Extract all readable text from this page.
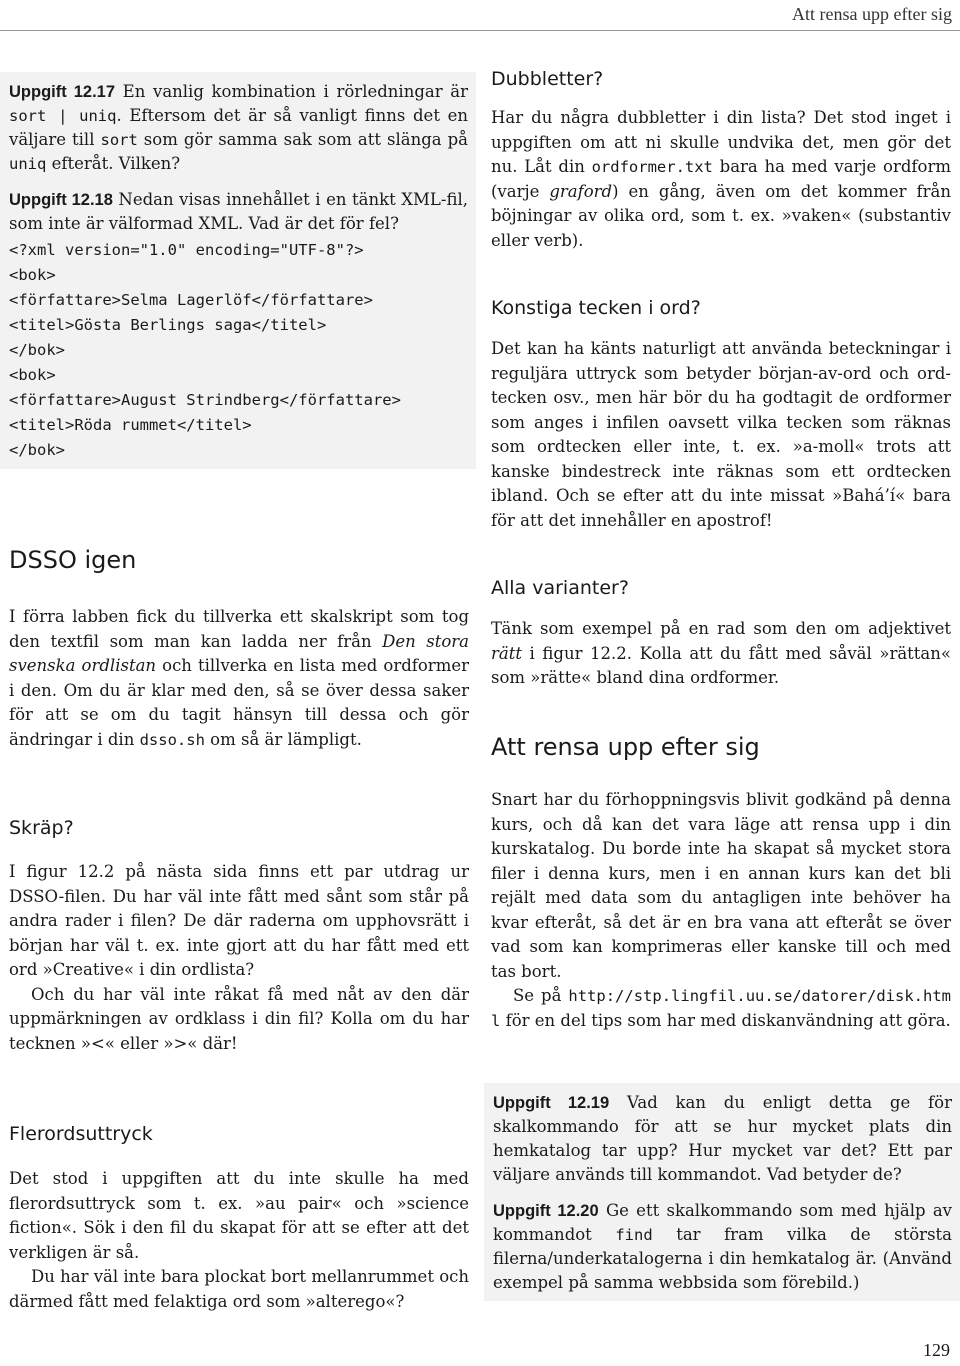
Att rensa upp efter sig

Uppgift 12.17 En vanlig kombination i rörledningar är sort | uniq. Eftersom det är så vanligt finns det en väljare till sort som gör samma sak som att slänga på uniq efteråt. Vilken?

Uppgift 12.18 Nedan visas innehållet i en tänkt XML-fil, som inte är välformad XML. Vad är det för fel?

<?xml version="1.0" encoding="UTF-8"?>
<bok>
<författare>Selma Lagerlöf</författare>
<titel>Gösta Berlings saga</titel>
</bok>
<bok>
<författare>August Strindberg</författare>
<titel>Röda rummet</titel>
</bok>
DSSO igen

I förra labben fick du tillverka ett skalskript som tog den textfil som man kan ladda ner från Den stora svenska ordlistan och tillverka en lista med ordformer i den. Om du är klar med den, så se över dessa saker för att se om du tagit hänsyn till dessa och gör ändringar i din dsso.sh om så är lämpligt.

Skräp?

I figur 12.2 på nästa sida finns ett par utdrag ur DSSO-filen. Du har väl inte fått med sånt som står på andra rader i filen? De där raderna om upphovsrätt i början har väl t. ex. inte gjort att du har fått med ett ord »Creative« i din ordlista?

Och du har väl inte råkat få med nåt av den där uppmärkningen av ordklass i din fil? Kolla om du har tecknen »<« eller »>« där!

Flerordsuttryck

Det stod i uppgiften att du inte skulle ha med flerordsuttryck som t. ex. »au pair« och »science fiction«. Sök i den fil du skapat för att se efter att det verkligen är så.

Du har väl inte bara plockat bort mellanrummet och därmed fått med felaktiga ord som »alterego«?

Dubbletter?

Har du några dubbletter i din lista? Det stod inget i uppgiften om att ni skulle undvika det, men gör det nu. Låt din ordformer.txt bara ha med varje ordform (varje graford) en gång, även om det kommer från böjningar av olika ord, som t. ex. »vaken« (substantiv eller verb).

Konstiga tecken i ord?

Det kan ha känts naturligt att använda beteckningar i reguljära uttryck som betyder början-av-ord och ord-tecken osv., men här bör du ha godtagit de ordformer som anges i infilen oavsett vilka tecken som räknas som ordtecken eller inte, t. ex. »a-moll« trots att kanske bindestreck inte räknas som ett ordtecken ibland. Och se efter att du inte missat »Bahá’í« bara för att det innehåller en apostrof!

Alla varianter?

Tänk som exempel på en rad som den om adjektivet rätt i figur 12.2. Kolla att du fått med såväl »rättan« som »rätte« bland dina ordformer.

Att rensa upp efter sig

Snart har du förhoppningsvis blivit godkänd på denna kurs, och då kan det vara läge att rensa upp i din kurskatalog. Du borde inte ha skapat så mycket stora filer i denna kurs, men i en annan kurs kan det bli rejält med data som du antagligen inte behöver ha kvar efteråt, så det är en bra vana att efteråt se över vad som kan komprimeras eller kanske till och med tas bort.

Se på http://stp.lingfil.uu.se/datorer/disk.html för en del tips som har med diskanvändning att göra.

Uppgift 12.19 Vad kan du enligt detta ge för skalkommando för att se hur mycket plats din hemkatalog tar upp? Hur mycket var det? Ett par väljare används till kommandot. Vad betyder de?

Uppgift 12.20 Ge ett skalkommando som med hjälp av kommandot find tar fram vilka de största filerna/underkatalogerna i din hemkatalog är. (Använd exempel på samma webbsida som förebild.)

129
